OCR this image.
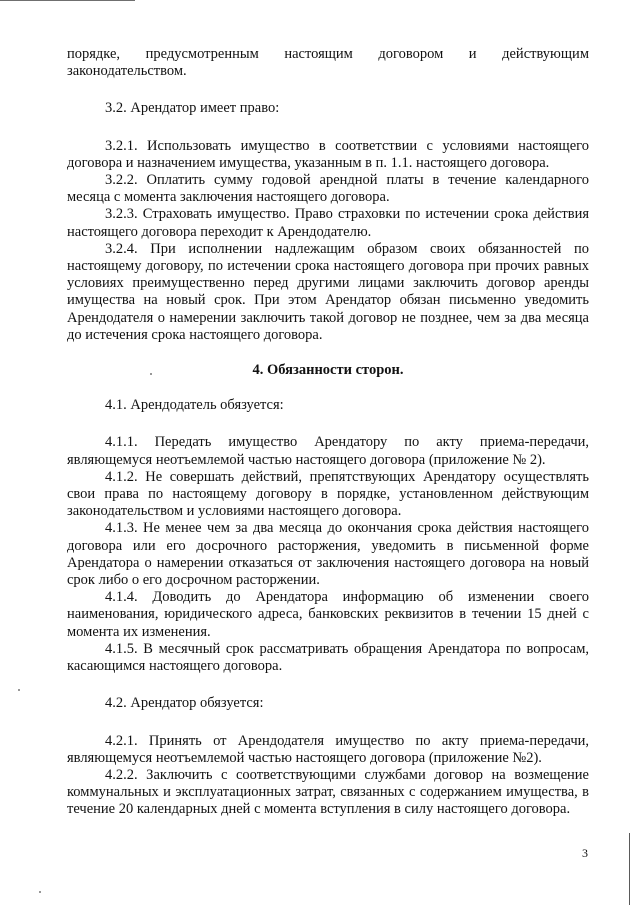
порядке, предусмотренным настоящим договором и действующим законодательством.

3.2. Арендатор имеет право:

3.2.1. Использовать имущество в соответствии с условиями настоящего договора и назначением имущества, указанным в п. 1.1. настоящего договора.

3.2.2. Оплатить сумму годовой арендной платы в течение календарного месяца с момента заключения настоящего договора.

3.2.3. Страховать имущество. Право страховки по истечении срока действия настоящего договора переходит к Арендодателю.

3.2.4. При исполнении надлежащим образом своих обязанностей по настоящему договору, по истечении срока настоящего договора при прочих равных условиях преимущественно перед другими лицами заключить договор аренды имущества на новый срок. При этом Арендатор обязан письменно уведомить Арендодателя о намерении заключить такой договор не позднее, чем за два месяца до истечения срока настоящего договора.

4. Обязанности сторон.

4.1. Арендодатель обязуется:

4.1.1. Передать имущество Арендатору по акту приема-передачи, являющемуся неотъемлемой частью настоящего договора (приложение № 2).

4.1.2. Не совершать действий, препятствующих Арендатору осуществлять свои права по настоящему договору в порядке, установленном действующим законодательством и условиями настоящего договора.

4.1.3. Не менее чем за два месяца до окончания срока действия настоящего договора или его досрочного расторжения, уведомить в письменной форме Арендатора о намерении отказаться от заключения настоящего договора на новый срок либо о его досрочном расторжении.

4.1.4. Доводить до Арендатора информацию об изменении своего наименования, юридического адреса, банковских реквизитов в течении 15 дней с момента их изменения.

4.1.5. В месячный срок рассматривать обращения Арендатора по вопросам, касающимся настоящего договора.

4.2. Арендатор обязуется:

4.2.1. Принять от Арендодателя имущество по акту приема-передачи, являющемуся неотъемлемой частью настоящего договора (приложение №2).

4.2.2. Заключить с соответствующими службами договор на возмещение коммунальных и эксплуатационных затрат, связанных с содержанием имущества, в течение 20 календарных дней с момента вступления в силу настоящего договора.

3
